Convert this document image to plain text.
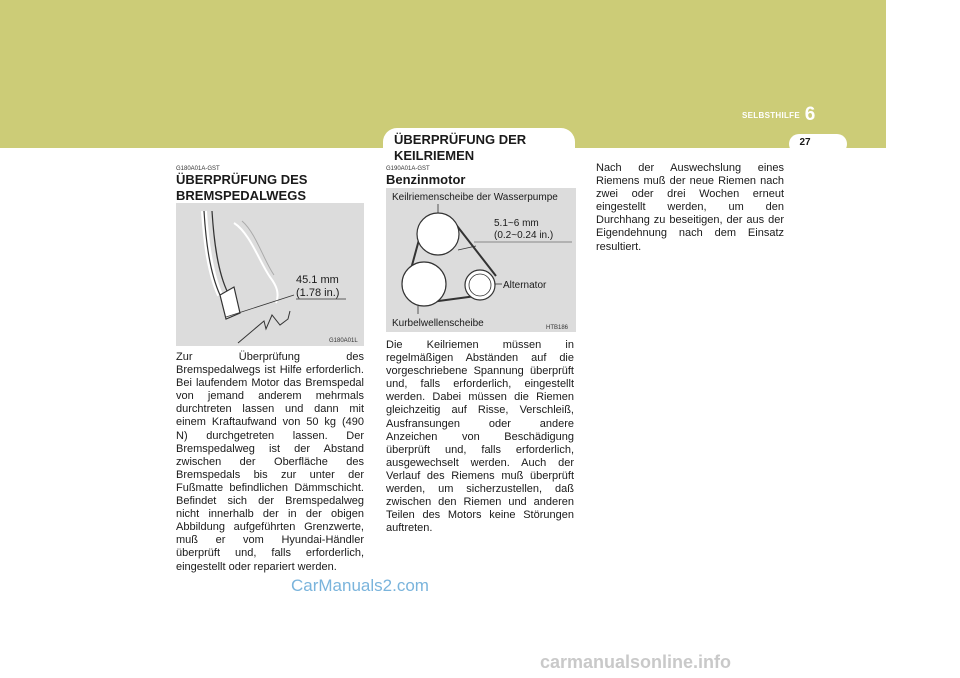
SELBSTHILFE 6
27
ÜBERPRÜFUNG DER KEILRIEMEN
G180A01A-GST
ÜBERPRÜFUNG DES BREMSPEDALWEGS
45.1 mm
(1.78 in.)
G180A01L
Zur Überprüfung des Bremspedalwegs ist Hilfe erforderlich. Bei laufendem Motor das Bremspedal von jemand anderem mehrmals durchtreten lassen und dann mit einem Kraftaufwand von 50 kg (490 N) durchgetreten lassen. Der Bremspedalweg ist der Abstand zwischen der Oberfläche des Bremspedals bis zur unter der Fußmatte befindlichen Dämmschicht. Befindet sich der Bremspedalweg nicht innerhalb der in der obigen Abbildung aufgeführten Grenzwerte, muß er vom Hyundai-Händler überprüft und, falls erforderlich, eingestellt oder repariert werden.
G190A01A-GST
Benzinmotor
Keilriemenscheibe der Wasserpumpe
5.1~6 mm
(0.2~0.24 in.)
Alternator
Kurbelwellenscheibe	HTB186
Die Keilriemen müssen in regelmäßigen Abständen auf die vorgeschriebene Spannung überprüft und, falls erforderlich, eingestellt werden. Dabei müssen die Riemen gleichzeitig auf Risse, Verschleiß, Ausfransungen oder andere Anzeichen von Beschädigung überprüft und, falls erforderlich, ausgewechselt werden. Auch der Verlauf des Riemens muß überprüft werden, um sicherzustellen, daß zwischen den Riemen und anderen Teilen des Motors keine Störungen auftreten.
Nach der Auswechslung eines Riemens muß der neue Riemen nach zwei oder drei Wochen erneut eingestellt werden, um den Durchhang zu beseitigen, der aus der Eigendehnung nach dem Einsatz resultiert.
CarManuals2.com
carmanualsonline.info
